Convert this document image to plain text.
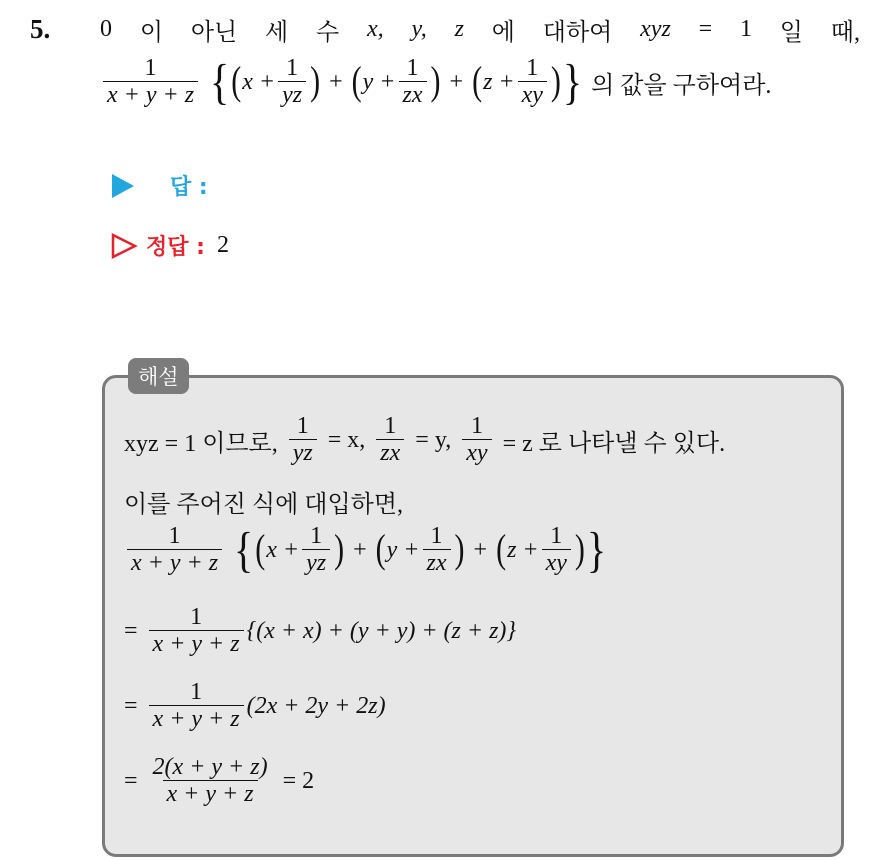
5. 0 이 아닌 세 수 x, y, z 에 대하여 xyz = 1 일 때,
$\frac{1}{x + y + z}$ { ( $x + \frac{1}{yz}$ ) + ( $y + \frac{1}{zx}$ ) + ( $z + \frac{1}{xy}$ ) } 의 값을 구하여라.
답 :
정답 : 2
해설
xyz = 1 이므로, $\frac{1}{yz} = x$, $\frac{1}{zx} = y$, $\frac{1}{xy} = z$ 로 나타낼 수 있다.
이를 주어진 식에 대입하면,
$\frac{1}{x + y + z}$ { ( $x + \frac{1}{yz}$ ) + ( $y + \frac{1}{zx}$ ) + ( $z + \frac{1}{xy}$ ) }
= $\frac{1}{x + y + z} \{(x + x) + (y + y) + (z + z)\}$
= $\frac{1}{x + y + z} (2x + 2y + 2z)$
= $\frac{2(x + y + z)}{x + y + z} = 2$
